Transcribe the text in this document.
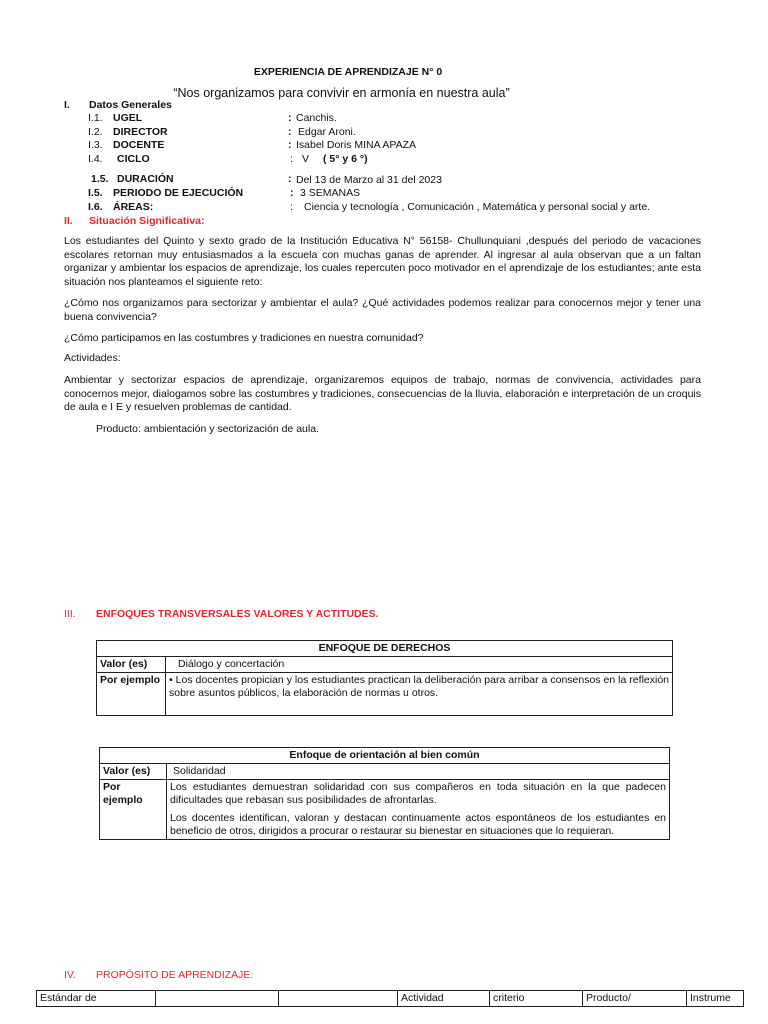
EXPERIENCIA DE APRENDIZAJE N° 0
“Nos organizamos para convivir en armonía en nuestra aula”
I. Datos Generales
I.1. UGEL	: Canchis.
I.2. DIRECTOR	: Edgar Aroni.
I.3. DOCENTE	: Isabel Doris MINA APAZA
I.4. CICLO	: V ( 5° y 6 °)
1.5. DURACIÓN	: Del 13 de Marzo al 31 del 2023
I.5. PERIODO DE EJECUCIÓN	: 3 SEMANAS
I.6. ÁREAS:	: Ciencia y tecnología , Comunicación , Matemática y personal social y arte.
II. Situación Significativa:
Los estudiantes del Quinto y sexto grado de la Institución Educativa N° 56158- Chullunquiani ,después del periodo de vacaciones escolares retornan muy entusiasmados a la escuela con muchas ganas de aprender. Al ingresar al aula observan que a un faltan organizar y ambientar los espacios de aprendizaje, los cuales repercuten poco motivador en el aprendizaje de los estudiantes; ante esta situación nos planteamos el siguiente reto:
¿Cómo nos organizamos para sectorizar y ambientar el aula? ¿Qué actividades podemos realizar para conocernos mejor y tener una buena convivencia?
¿Cómo participamos en las costumbres y tradiciones en nuestra comunidad?
Actividades:
Ambientar y sectorizar espacios de aprendizaje, organizaremos equipos de trabajo, normas de convivencia, actividades para conocernos mejor, dialogamos sobre las costumbres y tradiciones, consecuencias de la lluvia, elaboración e interpretación de un croquis de aula e I E y resuelven problemas de cantidad.
Producto: ambientación y sectorización de aula.
III. ENFOQUES TRANSVERSALES VALORES Y ACTITUDES.
ENFOQUE DE DERECHOS	
Valor (es)	Diálogo y concertación
Por ejemplo	• Los docentes propician y los estudiantes practican la deliberación para arribar a consensos en la reflexión sobre asuntos públicos, la elaboración de normas u otros.
Enfoque de orientación al bien común	
Valor (es)	Solidaridad
Por ejemplo	Los estudiantes demuestran solidaridad con sus compañeros en toda situación en la que padecen dificultades que rebasan sus posibilidades de afrontarlas.
Los docentes identifican, valoran y destacan continuamente actos espontáneos de los estudiantes en beneficio de otros, dirigidos a procurar o restaurar su bienestar en situaciones que lo requieran.
IV. PROPÓSITO DE APRENDIZAJE:
Estándar de			Actividad	criterio	Producto/	Instrume
